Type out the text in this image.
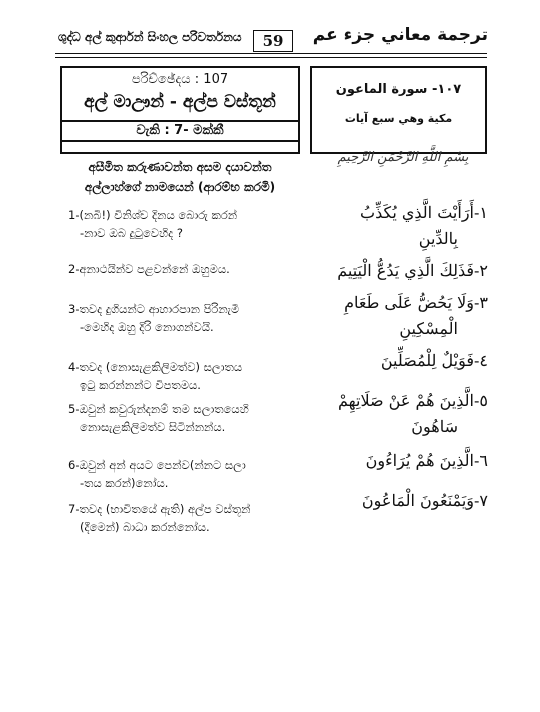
ශුද්ධ අල් කුර්ආන් සිංහල පරිවර්තනය	59	ترجمة معاني جزء عم
පරිච්ඡේදය : 107
අල් මාඌන් - අල්ප වස්තූන්
වැකි : 7- මක්කී
١٠٧- سورة الماعون
مكية وهي سبع آيات
අසීමිත කරුණාවන්ත අසම දයාවන්ත
අල්ලාහ්ගේ නාමයෙන් (ආරම්භ කරමි)
بِسْمِ اللَّهِ الرَّحْمَنِ الرَّحِيمِ
1-(නබි!) විනිශ්ච දිනය බොරු කරන්
-නාව ඔබ දුටුවෙහිද ?
2-අනාථයින්ව පළවන්නේ ඔහුමය.
3-තවද දුගියන්ට ආහාරපාන පිරිනැමී
-මෙහිද ඔහු දිරි නොගන්වයි.
4-තවද (නොසැළකිලිමත්ව) සලාතය
ඉටු කරන්නන්ට විපතමය.
5-ඔවුන් කවුරුන්දනම් තම සලාතයෙහි
නොසැළකිලිමත්ව සිටින්නන්ය.
6-ඔවුන් අන් අයට පෙන්ව(න්නට සලා
-තය කරන්)නෝය.
7-තවද (භාවිතයේ ඇති) අල්ප වස්තූන්
(දීමෙන්) බාධා කරන්නෝය.
١-أَرَأَيْتَ الَّذِي يُكَذِّبُ
بِالدِّينِ
٢-فَذَلِكَ الَّذِي يَدُعُّ الْيَتِيمَ
٣-وَلَا يَحُضُّ عَلَى طَعَامِ
الْمِسْكِينِ
٤-فَوَيْلٌ لِلْمُصَلِّينَ
٥-الَّذِينَ هُمْ عَنْ صَلَاتِهِمْ
سَاهُونَ
٦-الَّذِينَ هُمْ يُرَاءُونَ
٧-وَيَمْنَعُونَ الْمَاعُونَ
